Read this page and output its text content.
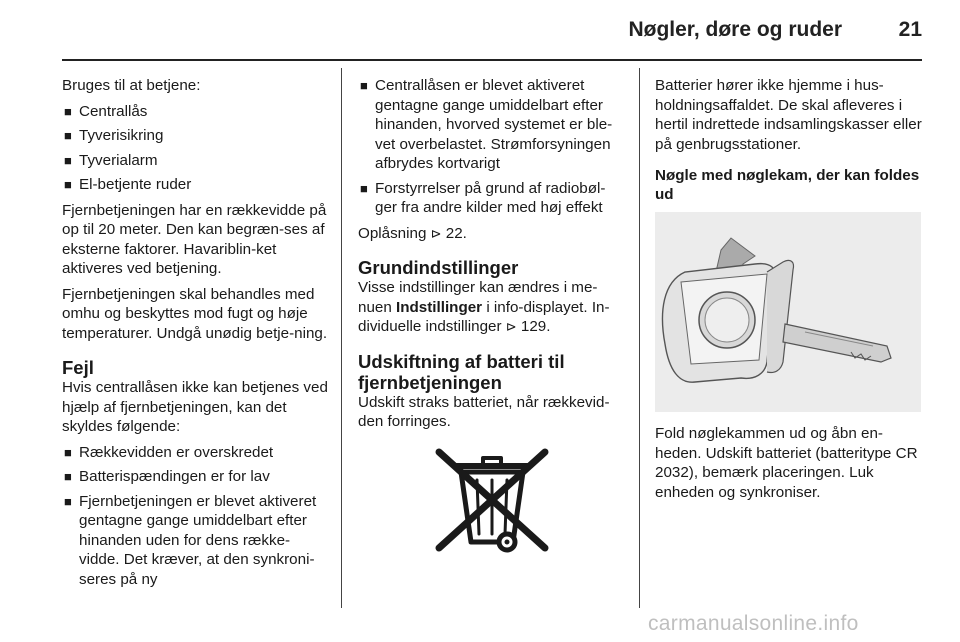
Nøgler, døre og ruder	21

Bruges til at betjene:

■ Centrallås
■ Tyverisikring
■ Tyverialarm
■ El-betjente ruder

Fjernbetjeningen har en rækkevidde på op til 20 meter. Den kan begræn-ses af eksterne faktorer. Havariblin-ket aktiveres ved betjening.

Fjernbetjeningen skal behandles med omhu og beskyttes mod fugt og høje temperaturer. Undgå unødig betje-ning.

Fejl

Hvis centrallåsen ikke kan betjenes ved hjælp af fjernbetjeningen, kan det skyldes følgende:

■ Rækkevidden er overskredet
■ Batterispændingen er for lav
■ Fjernbetjeningen er blevet aktiveret gentagne gange umiddelbart efter hinanden uden for dens række-vidde. Det kræver, at den synkroni-seres på ny
■ Centrallåsen er blevet aktiveret gentagne gange umiddelbart efter hinanden, hvorved systemet er ble-vet overbelastet. Strømforsyningen afbrydes kortvarigt
■ Forstyrrelser på grund af radiobøl-ger fra andre kilder med høj effekt

Oplåsning ⊳ 22.

Grundindstillinger

Visse indstillinger kan ændres i me-nuen Indstillinger i info-displayet. In-dividuelle indstillinger ⊳ 129.

Udskiftning af batteri til fjernbetjeningen

Udskift straks batteriet, når rækkevid-den forringes.

Batterier hører ikke hjemme i hus-holdningsaffaldet. De skal afleveres i hertil indrettede indsamlingskasser eller på genbrugsstationer.

Nøgle med nøglekam, der kan foldes ud

Fold nøglekammen ud og åbn en-heden. Udskift batteriet (batteritype CR 2032), bemærk placeringen. Luk enheden og synkroniser.

carmanualsonline.info
